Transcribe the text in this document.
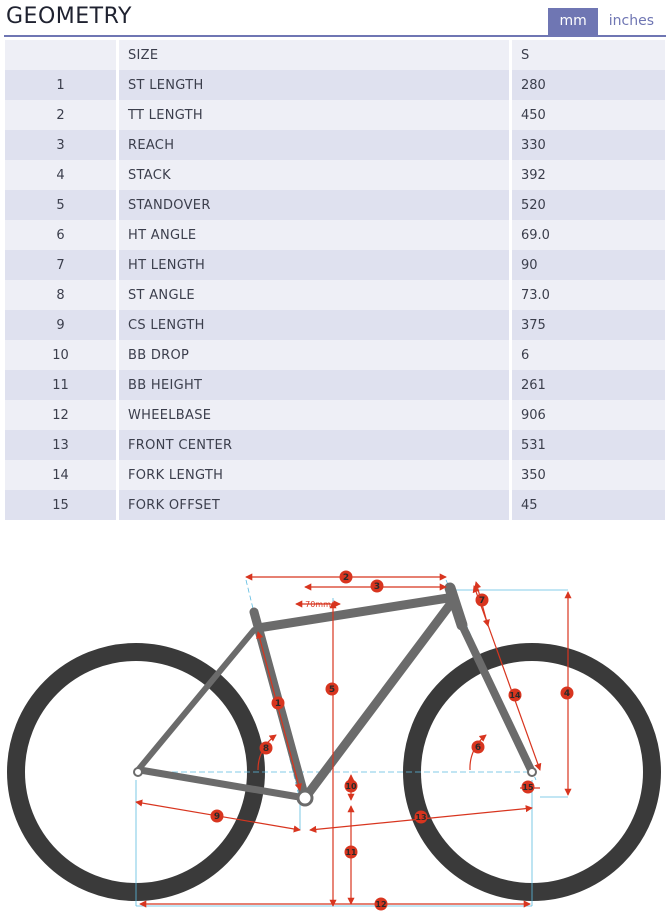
GEOMETRY	mm	inches
	SIZE	S
1	ST LENGTH	280
2	TT LENGTH	450
3	REACH	330
4	STACK	392
5	STANDOVER	520
6	HT ANGLE	69.0
7	HT LENGTH	90
8	ST ANGLE	73.0
9	CS LENGTH	375
10	BB DROP	6
11	BB HEIGHT	261
12	WHEELBASE	906
13	FRONT CENTER	531
14	FORK LENGTH	350
15	FORK OFFSET	45
70mm
1
2
3
4
5
6
7
8
9
10
11
12
13
14
15
